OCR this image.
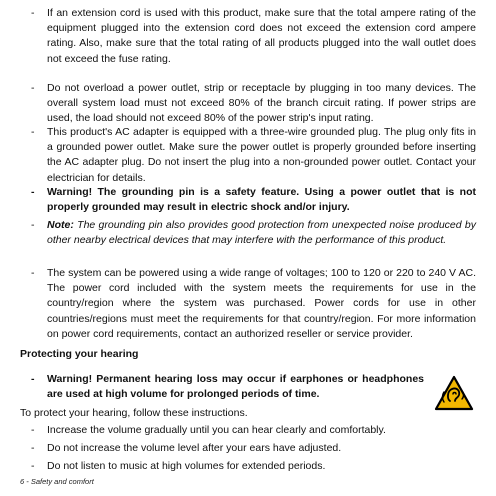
- If an extension cord is used with this product, make sure that the total ampere rating of the equipment plugged into the extension cord does not exceed the extension cord ampere rating. Also, make sure that the total rating of all products plugged into the wall outlet does not exceed the fuse rating.
- Do not overload a power outlet, strip or receptacle by plugging in too many devices. The overall system load must not exceed 80% of the branch circuit rating. If power strips are used, the load should not exceed 80% of the power strip's input rating.
- This product's AC adapter is equipped with a three-wire grounded plug. The plug only fits in a grounded power outlet. Make sure the power outlet is properly grounded before inserting the AC adapter plug. Do not insert the plug into a non-grounded power outlet. Contact your electrician for details.
- Warning! The grounding pin is a safety feature. Using a power outlet that is not properly grounded may result in electric shock and/or injury.
- Note: The grounding pin also provides good protection from unexpected noise produced by other nearby electrical devices that may interfere with the performance of this product.
- The system can be powered using a wide range of voltages; 100 to 120 or 220 to 240 V AC. The power cord included with the system meets the requirements for use in the country/region where the system was purchased. Power cords for use in other countries/regions must meet the requirements for that country/region. For more information on power cord requirements, contact an authorized reseller or service provider.
Protecting your hearing
- Warning! Permanent hearing loss may occur if earphones or headphones are used at high volume for prolonged periods of time.
To protect your hearing, follow these instructions.
- Increase the volume gradually until you can hear clearly and comfortably.
- Do not increase the volume level after your ears have adjusted.
- Do not listen to music at high volumes for extended periods.
6 - Safety and comfort
